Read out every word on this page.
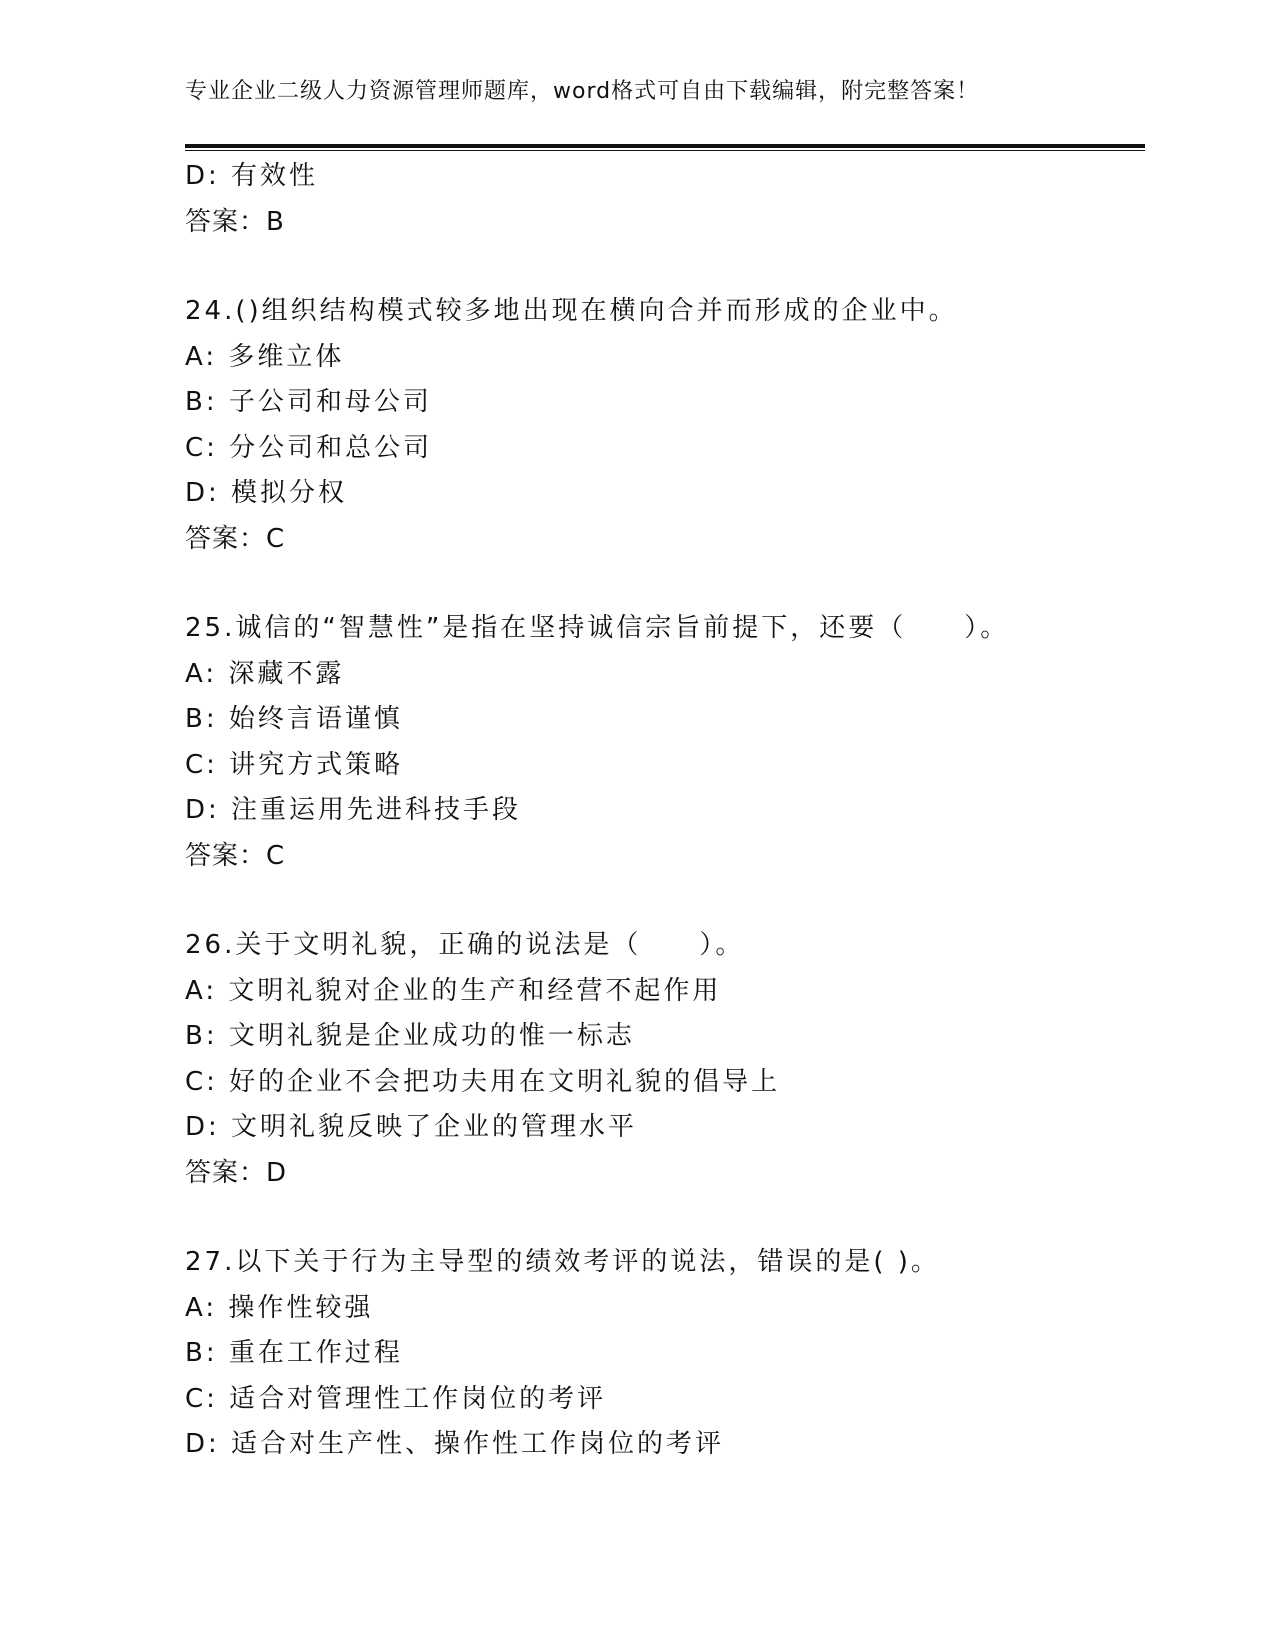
专业企业二级人力资源管理师题库，word格式可自由下载编辑，附完整答案！
D: 有效性
答案：B
24.()组织结构模式较多地出现在横向合并而形成的企业中。
A: 多维立体
B: 子公司和母公司
C: 分公司和总公司
D: 模拟分权
答案：C
25.诚信的“智慧性”是指在坚持诚信宗旨前提下，还要（　　）。
A: 深藏不露
B: 始终言语谨慎
C: 讲究方式策略
D: 注重运用先进科技手段
答案：C
26.关于文明礼貌，正确的说法是（　　）。
A: 文明礼貌对企业的生产和经营不起作用
B: 文明礼貌是企业成功的惟一标志
C: 好的企业不会把功夫用在文明礼貌的倡导上
D: 文明礼貌反映了企业的管理水平
答案：D
27.以下关于行为主导型的绩效考评的说法，错误的是( )。
A: 操作性较强
B: 重在工作过程
C: 适合对管理性工作岗位的考评
D: 适合对生产性、操作性工作岗位的考评
